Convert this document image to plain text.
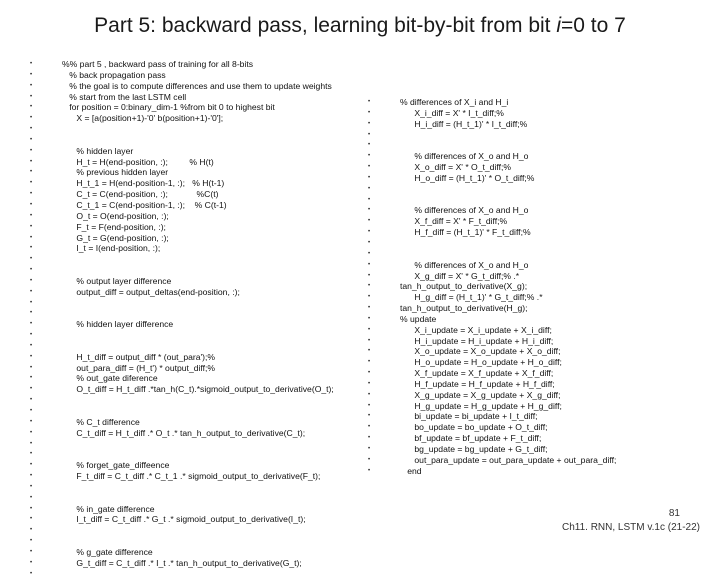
Part 5: backward pass, learning bit-by-bit from bit i=0 to 7
• %% part 5 , backward pass of training for all 8-bits
• % back propagation pass
• % the goal is to compute differences and use them to update weights
• % start from the last LSTM cell
• for position = 0:binary_dim-1 %from bit 0 to highest bit
• X = [a(position+1)-'0' b(position+1)-'0'];
•
•
• % hidden layer
• H_t = H(end-position, :);         % H(t)
• % previous hidden layer
• H_t_1 = H(end-position-1, :);   % H(t-1)
• C_t = C(end-position, :);            %C(t)
• C_t_1 = C(end-position-1, :);    % C(t-1)
• O_t = O(end-position, :);
• F_t = F(end-position, :);
• G_t = G(end-position, :);
• I_t = I(end-position, :);
•
•
• % output layer difference
• output_diff = output_deltas(end-position, :);
•
•
• % hidden layer difference
•
•
• H_t_diff = output_diff * (out_para');%
• out_para_diff = (H_t') * output_diff;%
• % out_gate diference
• O_t_diff = H_t_diff .*tan_h(C_t).*sigmoid_output_to_derivative(O_t);
•
•
• % C_t difference
• C_t_diff = H_t_diff .* O_t .* tan_h_output_to_derivative(C_t);
•
•
• % forget_gate_diffeence
• F_t_diff = C_t_diff .* C_t_1 .* sigmoid_output_to_derivative(F_t);
•
•
• % in_gate difference
• I_t_diff = C_t_diff .* G_t .* sigmoid_output_to_derivative(I_t);
•
•
• % g_gate difference
• G_t_diff = C_t_diff .* I_t .* tan_h_output_to_derivative(G_t);
•
• % differences of X_i and H_i
• X_i_diff = X' * I_t_diff;%
• H_i_diff = (H_t_1)' * I_t_diff;%
•
•
• % differences of X_o and H_o
• X_o_diff = X' * O_t_diff;%
• H_o_diff = (H_t_1)' * O_t_diff;%
•
•
• % differences of X_o and H_o
• X_f_diff = X' * F_t_diff;%
• H_f_diff = (H_t_1)' * F_t_diff;%
•
•
• % differences of X_o and H_o
• X_g_diff = X' * G_t_diff;% .*
• tan_h_output_to_derivative(X_g);
• H_g_diff = (H_t_1)' * G_t_diff;% .*
• tan_h_output_to_derivative(H_g);
• % update
• X_i_update = X_i_update + X_i_diff;
• H_i_update = H_i_update + H_i_diff;
• X_o_update = X_o_update + X_o_diff;
• H_o_update = H_o_update + H_o_diff;
• X_f_update = X_f_update + X_f_diff;
• H_f_update = H_f_update + H_f_diff;
• X_g_update = X_g_update + X_g_diff;
• H_g_update = H_g_update + H_g_diff;
• bi_update = bi_update + I_t_diff;
• bo_update = bo_update + O_t_diff;
• bf_update = bf_update + F_t_diff;
• bg_update = bg_update + G_t_diff;
• out_para_update = out_para_update + out_para_diff;
• end
81
Ch11. RNN, LSTM v.1c (21-22)
